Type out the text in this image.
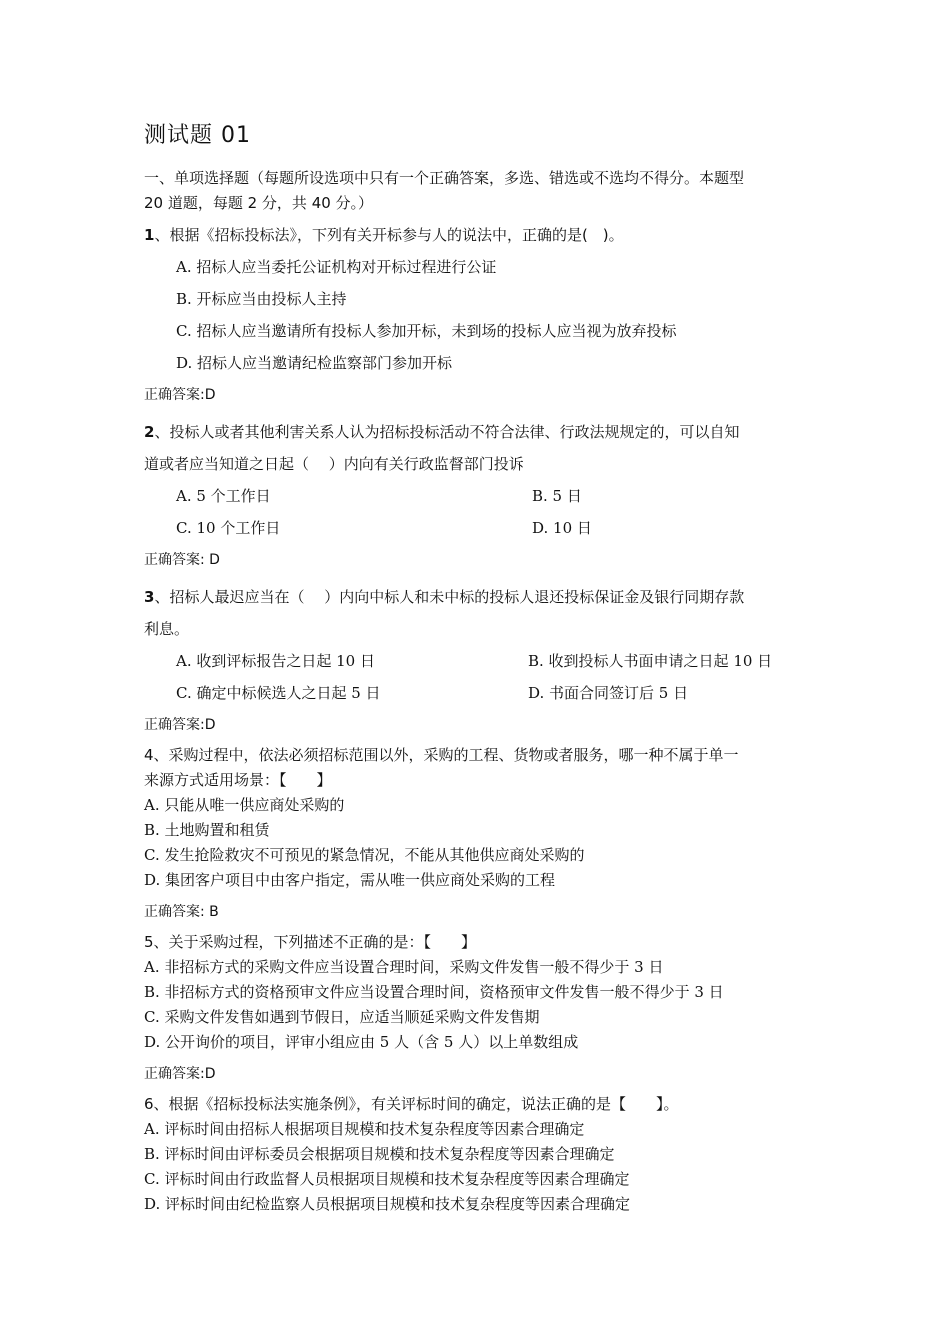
测试题 01
一、单项选择题（每题所设选项中只有一个正确答案，多选、错选或不选均不得分。本题型
20 道题，每题 2 分，共 40 分。）
1、根据《招标投标法》，下列有关开标参与人的说法中，正确的是(　)。
A. 招标人应当委托公证机构对开标过程进行公证
B. 开标应当由投标人主持
C. 招标人应当邀请所有投标人参加开标，未到场的投标人应当视为放弃投标
D. 招标人应当邀请纪检监察部门参加开标
正确答案:D
2、投标人或者其他利害关系人认为招标投标活动不符合法律、行政法规规定的，可以自知
道或者应当知道之日起（　 ）内向有关行政监督部门投诉
A. 5 个工作日	B. 5 日
C. 10 个工作日	D. 10 日
正确答案: D
3、招标人最迟应当在（　 ）内向中标人和未中标的投标人退还投标保证金及银行同期存款
利息。
A. 收到评标报告之日起 10 日	B. 收到投标人书面申请之日起 10 日
C. 确定中标候选人之日起 5 日	D. 书面合同签订后 5 日
正确答案:D
4、采购过程中，依法必须招标范围以外，采购的工程、货物或者服务，哪一种不属于单一
来源方式适用场景：【　　】
A. 只能从唯一供应商处采购的
B. 土地购置和租赁
C. 发生抢险救灾不可预见的紧急情况，不能从其他供应商处采购的
D. 集团客户项目中由客户指定，需从唯一供应商处采购的工程
正确答案: B
5、关于采购过程，下列描述不正确的是：【　　】
A. 非招标方式的采购文件应当设置合理时间，采购文件发售一般不得少于 3 日
B. 非招标方式的资格预审文件应当设置合理时间，资格预审文件发售一般不得少于 3 日
C. 采购文件发售如遇到节假日，应适当顺延采购文件发售期
D. 公开询价的项目，评审小组应由 5 人（含 5 人）以上单数组成
正确答案:D
6、根据《招标投标法实施条例》，有关评标时间的确定，说法正确的是【　　】。
A. 评标时间由招标人根据项目规模和技术复杂程度等因素合理确定
B. 评标时间由评标委员会根据项目规模和技术复杂程度等因素合理确定
C. 评标时间由行政监督人员根据项目规模和技术复杂程度等因素合理确定
D. 评标时间由纪检监察人员根据项目规模和技术复杂程度等因素合理确定
